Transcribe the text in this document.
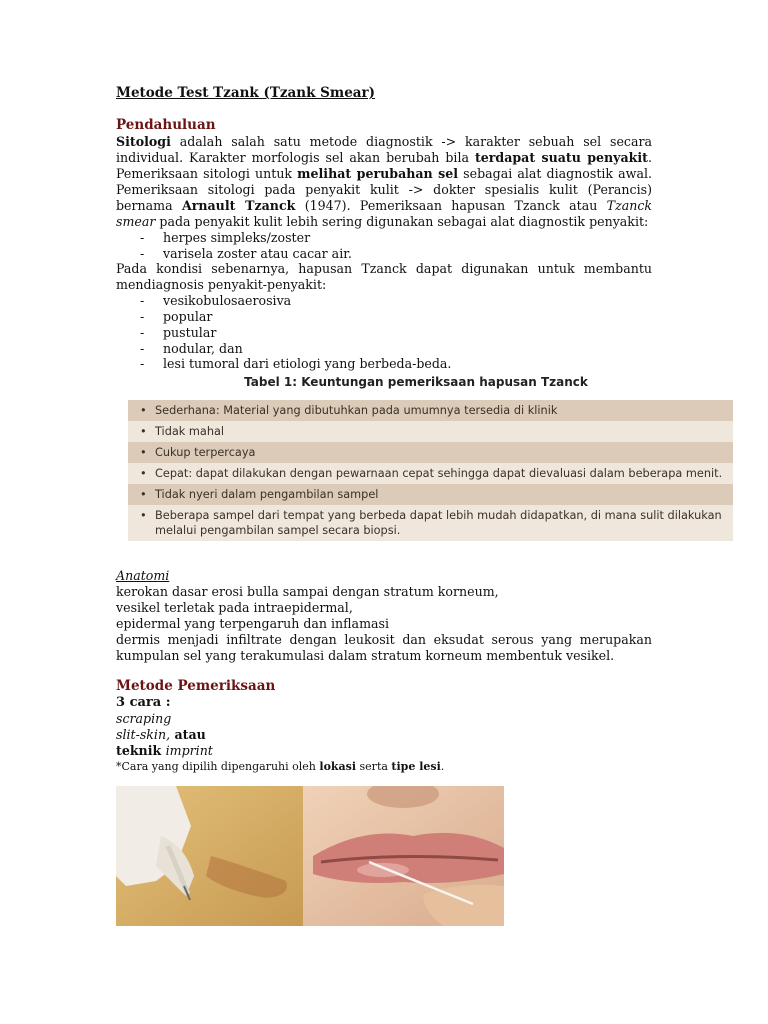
Metode Test Tzank (Tzank Smear)

Pendahuluan

Sitologi adalah salah satu metode diagnostik -> karakter sebuah sel secara individual. Karakter morfologis sel akan berubah bila terdapat suatu penyakit. Pemeriksaan sitologi untuk melihat perubahan sel sebagai alat diagnostik awal. Pemeriksaan sitologi pada penyakit kulit -> dokter spesialis kulit (Perancis) bernama Arnault Tzanck (1947). Pemeriksaan hapusan Tzanck atau Tzanck smear pada penyakit kulit lebih sering digunakan sebagai alat diagnostik penyakit:

- herpes simpleks/zoster
- varisela zoster atau cacar air.

Pada kondisi sebenarnya, hapusan Tzanck dapat digunakan untuk membantu mendiagnosis penyakit-penyakit:

- vesikobulosaerosiva
- popular
- pustular
- nodular, dan
- lesi tumoral dari etiologi yang berbeda-beda.
Tabel 1: Keuntungan pemeriksaan hapusan Tzanck
• Sederhana: Material yang dibutuhkan pada umumnya tersedia di klinik
• Tidak mahal
• Cukup terpercaya
• Cepat: dapat dilakukan dengan pewarnaan cepat sehingga dapat dievaluasi dalam beberapa menit.
• Tidak nyeri dalam pengambilan sampel
• Beberapa sampel dari tempat yang berbeda dapat lebih mudah didapatkan, di mana sulit dilakukan melalui pengambilan sampel secara biopsi.
Anatomi

kerokan dasar erosi bulla sampai dengan stratum korneum,

vesikel terletak pada intraepidermal,

epidermal yang terpengaruh dan inflamasi

dermis menjadi infiltrate dengan leukosit dan eksudat serous yang merupakan kumpulan sel yang terakumulasi dalam stratum korneum membentuk vesikel.

Metode Pemeriksaan

3 cara :

scraping

slit-skin, atau

teknik imprint

*Cara yang dipilih dipengaruhi oleh lokasi serta tipe lesi.
